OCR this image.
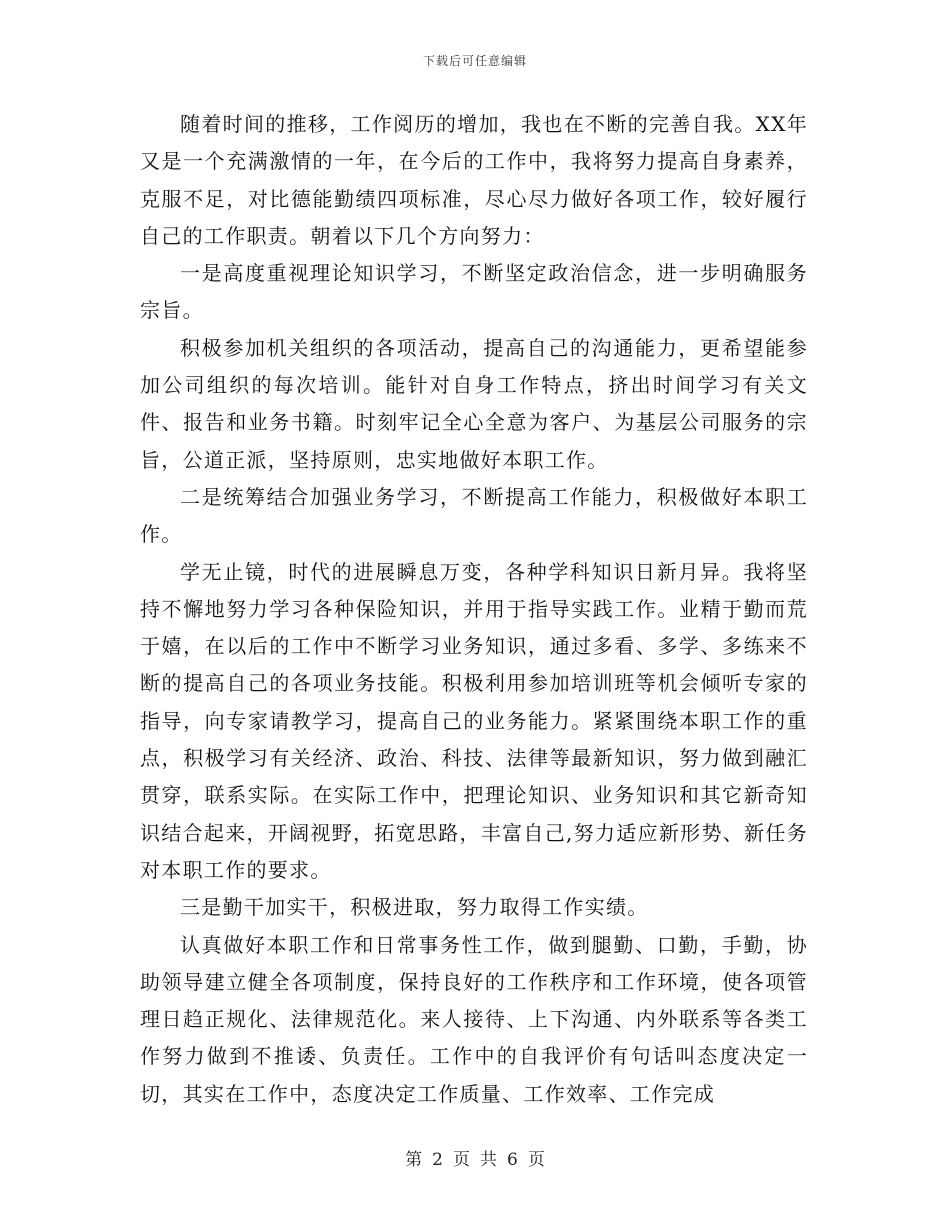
下载后可任意编辑

随着时间的推移，工作阅历的增加，我也在不断的完善自我。XX年又是一个充满激情的一年，在今后的工作中，我将努力提高自身素养，克服不足，对比德能勤绩四项标准，尽心尽力做好各项工作，较好履行自己的工作职责。朝着以下几个方向努力：

一是高度重视理论知识学习，不断坚定政治信念，进一步明确服务宗旨。

积极参加机关组织的各项活动，提高自己的沟通能力，更希望能参加公司组织的每次培训。能针对自身工作特点，挤出时间学习有关文件、报告和业务书籍。时刻牢记全心全意为客户、为基层公司服务的宗旨，公道正派，坚持原则，忠实地做好本职工作。

二是统筹结合加强业务学习，不断提高工作能力，积极做好本职工作。

学无止镜，时代的进展瞬息万变，各种学科知识日新月异。我将坚持不懈地努力学习各种保险知识，并用于指导实践工作。业精于勤而荒于嬉，在以后的工作中不断学习业务知识，通过多看、多学、多练来不断的提高自己的各项业务技能。积极利用参加培训班等机会倾听专家的指导，向专家请教学习，提高自己的业务能力。紧紧围绕本职工作的重点，积极学习有关经济、政治、科技、法律等最新知识，努力做到融汇贯穿，联系实际。在实际工作中，把理论知识、业务知识和其它新奇知识结合起来，开阔视野，拓宽思路，丰富自己,努力适应新形势、新任务对本职工作的要求。

三是勤干加实干，积极进取，努力取得工作实绩。

认真做好本职工作和日常事务性工作，做到腿勤、口勤，手勤，协助领导建立健全各项制度，保持良好的工作秩序和工作环境，使各项管理日趋正规化、法律规范化。来人接待、上下沟通、内外联系等各类工作努力做到不推诿、负责任。工作中的自我评价有句话叫态度决定一切，其实在工作中，态度决定工作质量、工作效率、工作完成

第 2 页 共 6 页
